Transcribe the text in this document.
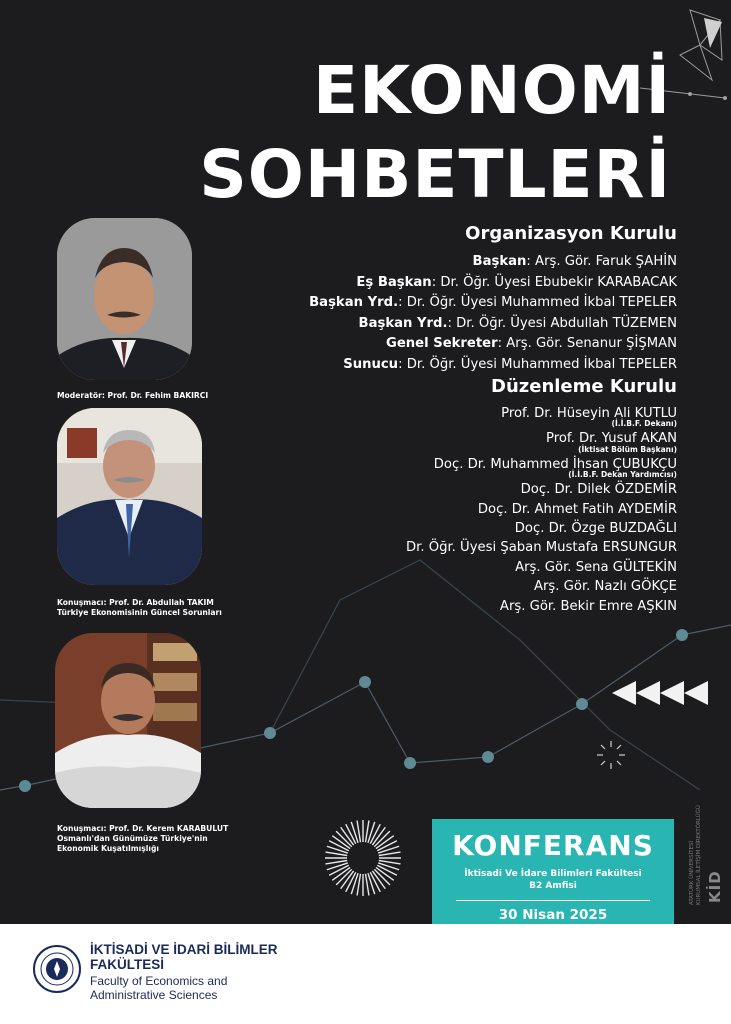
EKONOMİ
SOHBETLERİ
Organizasyon Kurulu
Başkan: Arş. Gör. Faruk ŞAHİN
Eş Başkan: Dr. Öğr. Üyesi Ebubekir KARABACAK
Başkan Yrd.: Dr. Öğr. Üyesi Muhammed İkbal TEPELER
Başkan Yrd.: Dr. Öğr. Üyesi Abdullah TÜZEMEN
Genel Sekreter: Arş. Gör. Senanur ŞİŞMAN
Sunucu: Dr. Öğr. Üyesi Muhammed İkbal TEPELER
Düzenleme Kurulu
Prof. Dr. Hüseyin Ali KUTLU
(İ.İ.B.F. Dekanı)
Prof. Dr. Yusuf AKAN
(İktisat Bölüm Başkanı)
Doç. Dr. Muhammed İhsan ÇUBUKÇU
(İ.İ.B.F. Dekan Yardımcısı)
Doç. Dr. Dilek ÖZDEMİR
Doç. Dr. Ahmet Fatih AYDEMİR
Doç. Dr. Özge BUZDAĞLI
Dr. Öğr. Üyesi Şaban Mustafa ERSUNGUR
Arş. Gör. Sena GÜLTEKİN
Arş. Gör. Nazlı GÖKÇE
Arş. Gör. Bekir Emre AŞKIN
Moderatör: Prof. Dr. Fehim BAKIRCI
Konuşmacı: Prof. Dr. Abdullah TAKIM
Türkiye Ekonomisinin Güncel Sorunları
Konuşmacı: Prof. Dr. Kerem KARABULUT
Osmanlı'dan Günümüze Türkiye'nin
Ekonomik Kuşatılmışlığı	KONFERANS
İktisadi Ve İdare Bilimleri Fakültesi
B2 Amfisi
30 Nisan 2025
ATATÜRK ÜNİVERSİTESİ KURUMSAL İLETİŞİM DİREKTÖRLÜĞÜ KİD
İKTİSADİ VE İDARİ BİLİMLER
FAKÜLTESİ
Faculty of Economics and
Administrative Sciences
